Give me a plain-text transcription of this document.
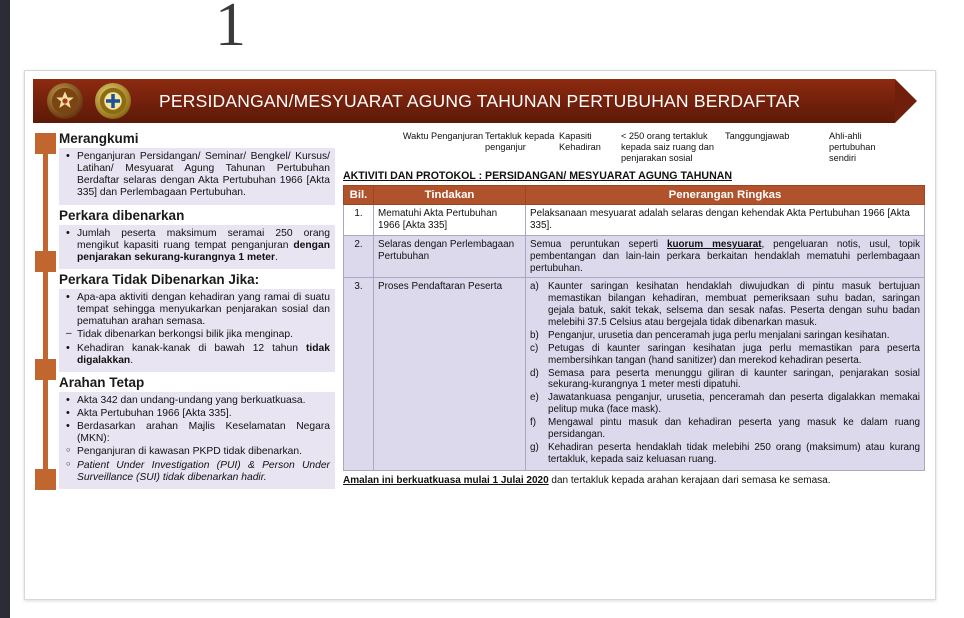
1
PERSIDANGAN/MESYUARAT AGUNG TAHUNAN PERTUBUHAN BERDAFTAR
Merangkumi
• Penganjuran Persidangan/ Seminar/ Bengkel/ Kursus/ Latihan/ Mesyuarat Agung Tahunan Pertubuhan Berdaftar selaras dengan Akta Pertubuhan 1966 [Akta 335] dan Perlembagaan Pertubuhan.
Perkara dibenarkan
• Jumlah peserta maksimum seramai 250 orang mengikut kapasiti ruang tempat penganjuran dengan penjarakan sekurang-kurangnya 1 meter.
Perkara Tidak Dibenarkan Jika:
• Apa-apa aktiviti dengan kehadiran yang ramai di suatu tempat sehingga menyukarkan penjarakan sosial dan pematuhan arahan semasa.
– Tidak dibenarkan berkongsi bilik jika menginap.
• Kehadiran kanak-kanak di bawah 12 tahun tidak digalakkan.
Arahan Tetap
• Akta 342 dan undang-undang yang berkuatkuasa.
• Akta Pertubuhan 1966 [Akta 335].
• Berdasarkan arahan Majlis Keselamatan Negara (MKN):
○ Penganjuran di kawasan PKPD tidak dibenarkan.
○ Patient Under Investigation (PUI) & Person Under Surveillance (SUI) tidak dibenarkan hadir.
Waktu Penganjuran Tertakluk kepada penganjur
Kapasiti Kehadiran
< 250 orang tertakluk kepada saiz ruang dan penjarakan sosial
Tanggungjawab	Ahli-ahli pertubuhan sendiri
AKTIVITI DAN PROTOKOL : PERSIDANGAN/ MESYUARAT AGUNG TAHUNAN
Bil.	Tindakan	Penerangan Ringkas
1.	Mematuhi Akta Pertubuhan 1966 [Akta 335]	Pelaksanaan mesyuarat adalah selaras dengan kehendak Akta Pertubuhan 1966 [Akta 335].
2.	Selaras dengan Perlembagaan Pertubuhan	Semua peruntukan seperti kuorum mesyuarat, pengeluaran notis, usul, topik pembentangan dan lain-lain perkara berkaitan hendaklah mematuhi perlembagaan pertubuhan.
3.	Proses Pendaftaran Peserta	Kaunter saringan kesihatan hendaklah diwujudkan di pintu masuk bertujuan memastikan bilangan kehadiran, membuat pemeriksaan suhu badan, saringan gejala batuk, sakit tekak, selsema dan sesak nafas. Peserta dengan suhu badan melebihi 37.5 Celsius atau bergejala tidak dibenarkan masuk.
Penganjur, urusetia dan penceramah juga perlu menjalani saringan kesihatan.
Petugas di kaunter saringan kesihatan juga perlu memastikan para peserta membersihkan tangan (hand sanitizer) dan merekod kehadiran peserta.
Semasa para peserta menunggu giliran di kaunter saringan, penjarakan sosial sekurang-kurangnya 1 meter mesti dipatuhi.
Jawatankuasa penganjur, urusetia, penceramah dan peserta digalakkan memakai pelitup muka (face mask).
Mengawal pintu masuk dan kehadiran peserta yang masuk ke dalam ruang persidangan.
Kehadiran peserta hendaklah tidak melebihi 250 orang (maksimum) atau kurang tertakluk, kepada saiz keluasan ruang.
Amalan ini berkuatkuasa mulai 1 Julai 2020 dan tertakluk kepada arahan kerajaan dari semasa ke semasa.
